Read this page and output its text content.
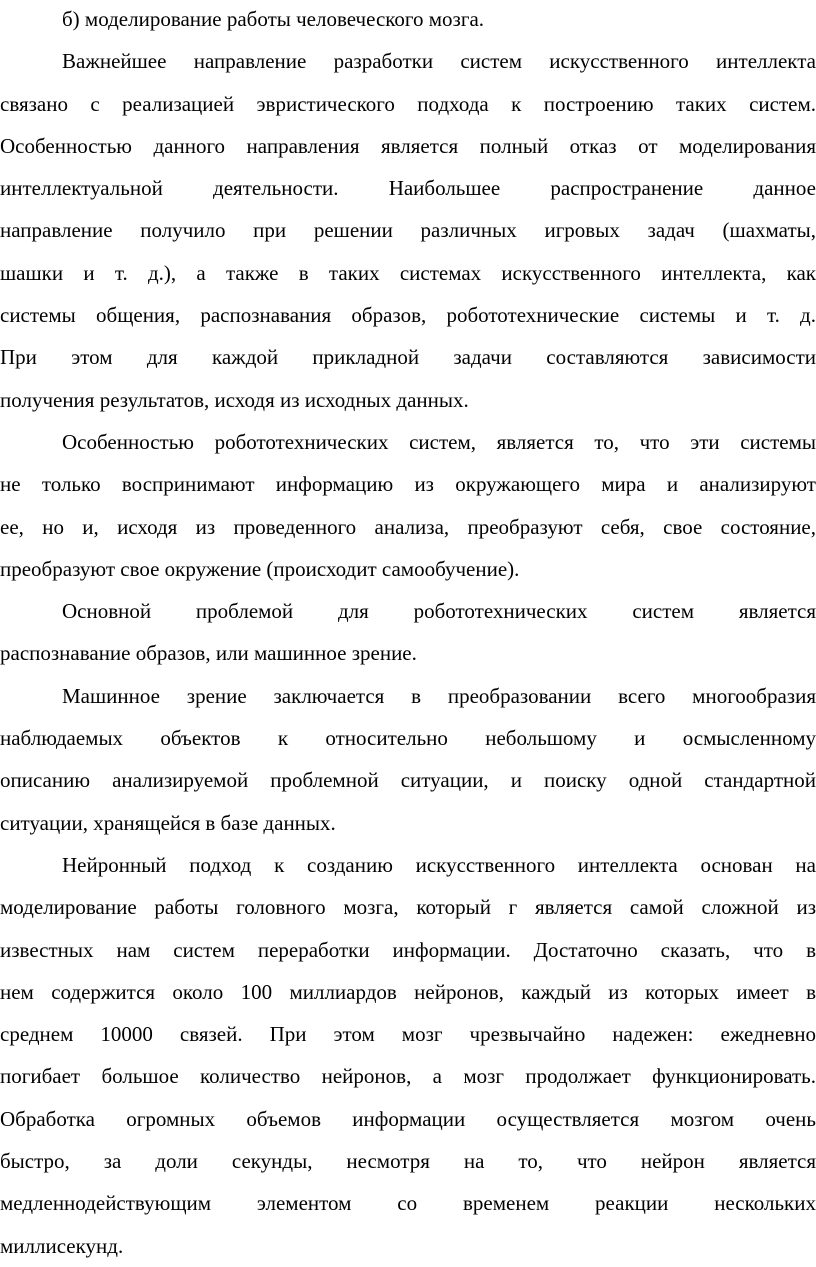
б) моделирование работы человеческого мозга.
Важнейшее направление разработки систем искусственного интеллекта
связано с реализацией эвристического подхода к построению таких систем.
Особенностью данного направления является полный отказ от моделирования
интеллектуальной деятельности. Наибольшее распространение данное
направление получило при решении различных игровых задач (шахматы,
шашки и т. д.), а также в таких системах искусственного интеллекта, как
системы общения, распознавания образов, робототехнические системы и т. д.
При этом для каждой прикладной задачи составляются зависимости
получения результатов, исходя из исходных данных.
Особенностью робототехнических систем, является то, что эти системы
не только воспринимают информацию из окружающего мира и анализируют
ее, но и, исходя из проведенного анализа, преобразуют себя, свое состояние,
преобразуют свое окружение (происходит самообучение).
Основной проблемой для робототехнических систем является
распознавание образов, или машинное зрение.
Машинное зрение заключается в преобразовании всего многообразия
наблюдаемых объектов к относительно небольшому и осмысленному
описанию анализируемой проблемной ситуации, и поиску одной стандартной
ситуации, хранящейся в базе данных.
Нейронный подход к созданию искусственного интеллекта основан на
моделирование работы головного мозга, который г является самой сложной из
известных нам систем переработки информации. Достаточно сказать, что в
нем содержится около 100 миллиардов нейронов, каждый из которых имеет в
среднем 10000 связей. При этом мозг чрезвычайно надежен: ежедневно
погибает большое количество нейронов, а мозг продолжает функционировать.
Обработка огромных объемов информации осуществляется мозгом очень
быстро, за доли секунды, несмотря на то, что нейрон является
медленнодействующим элементом со временем реакции нескольких
миллисекунд.
